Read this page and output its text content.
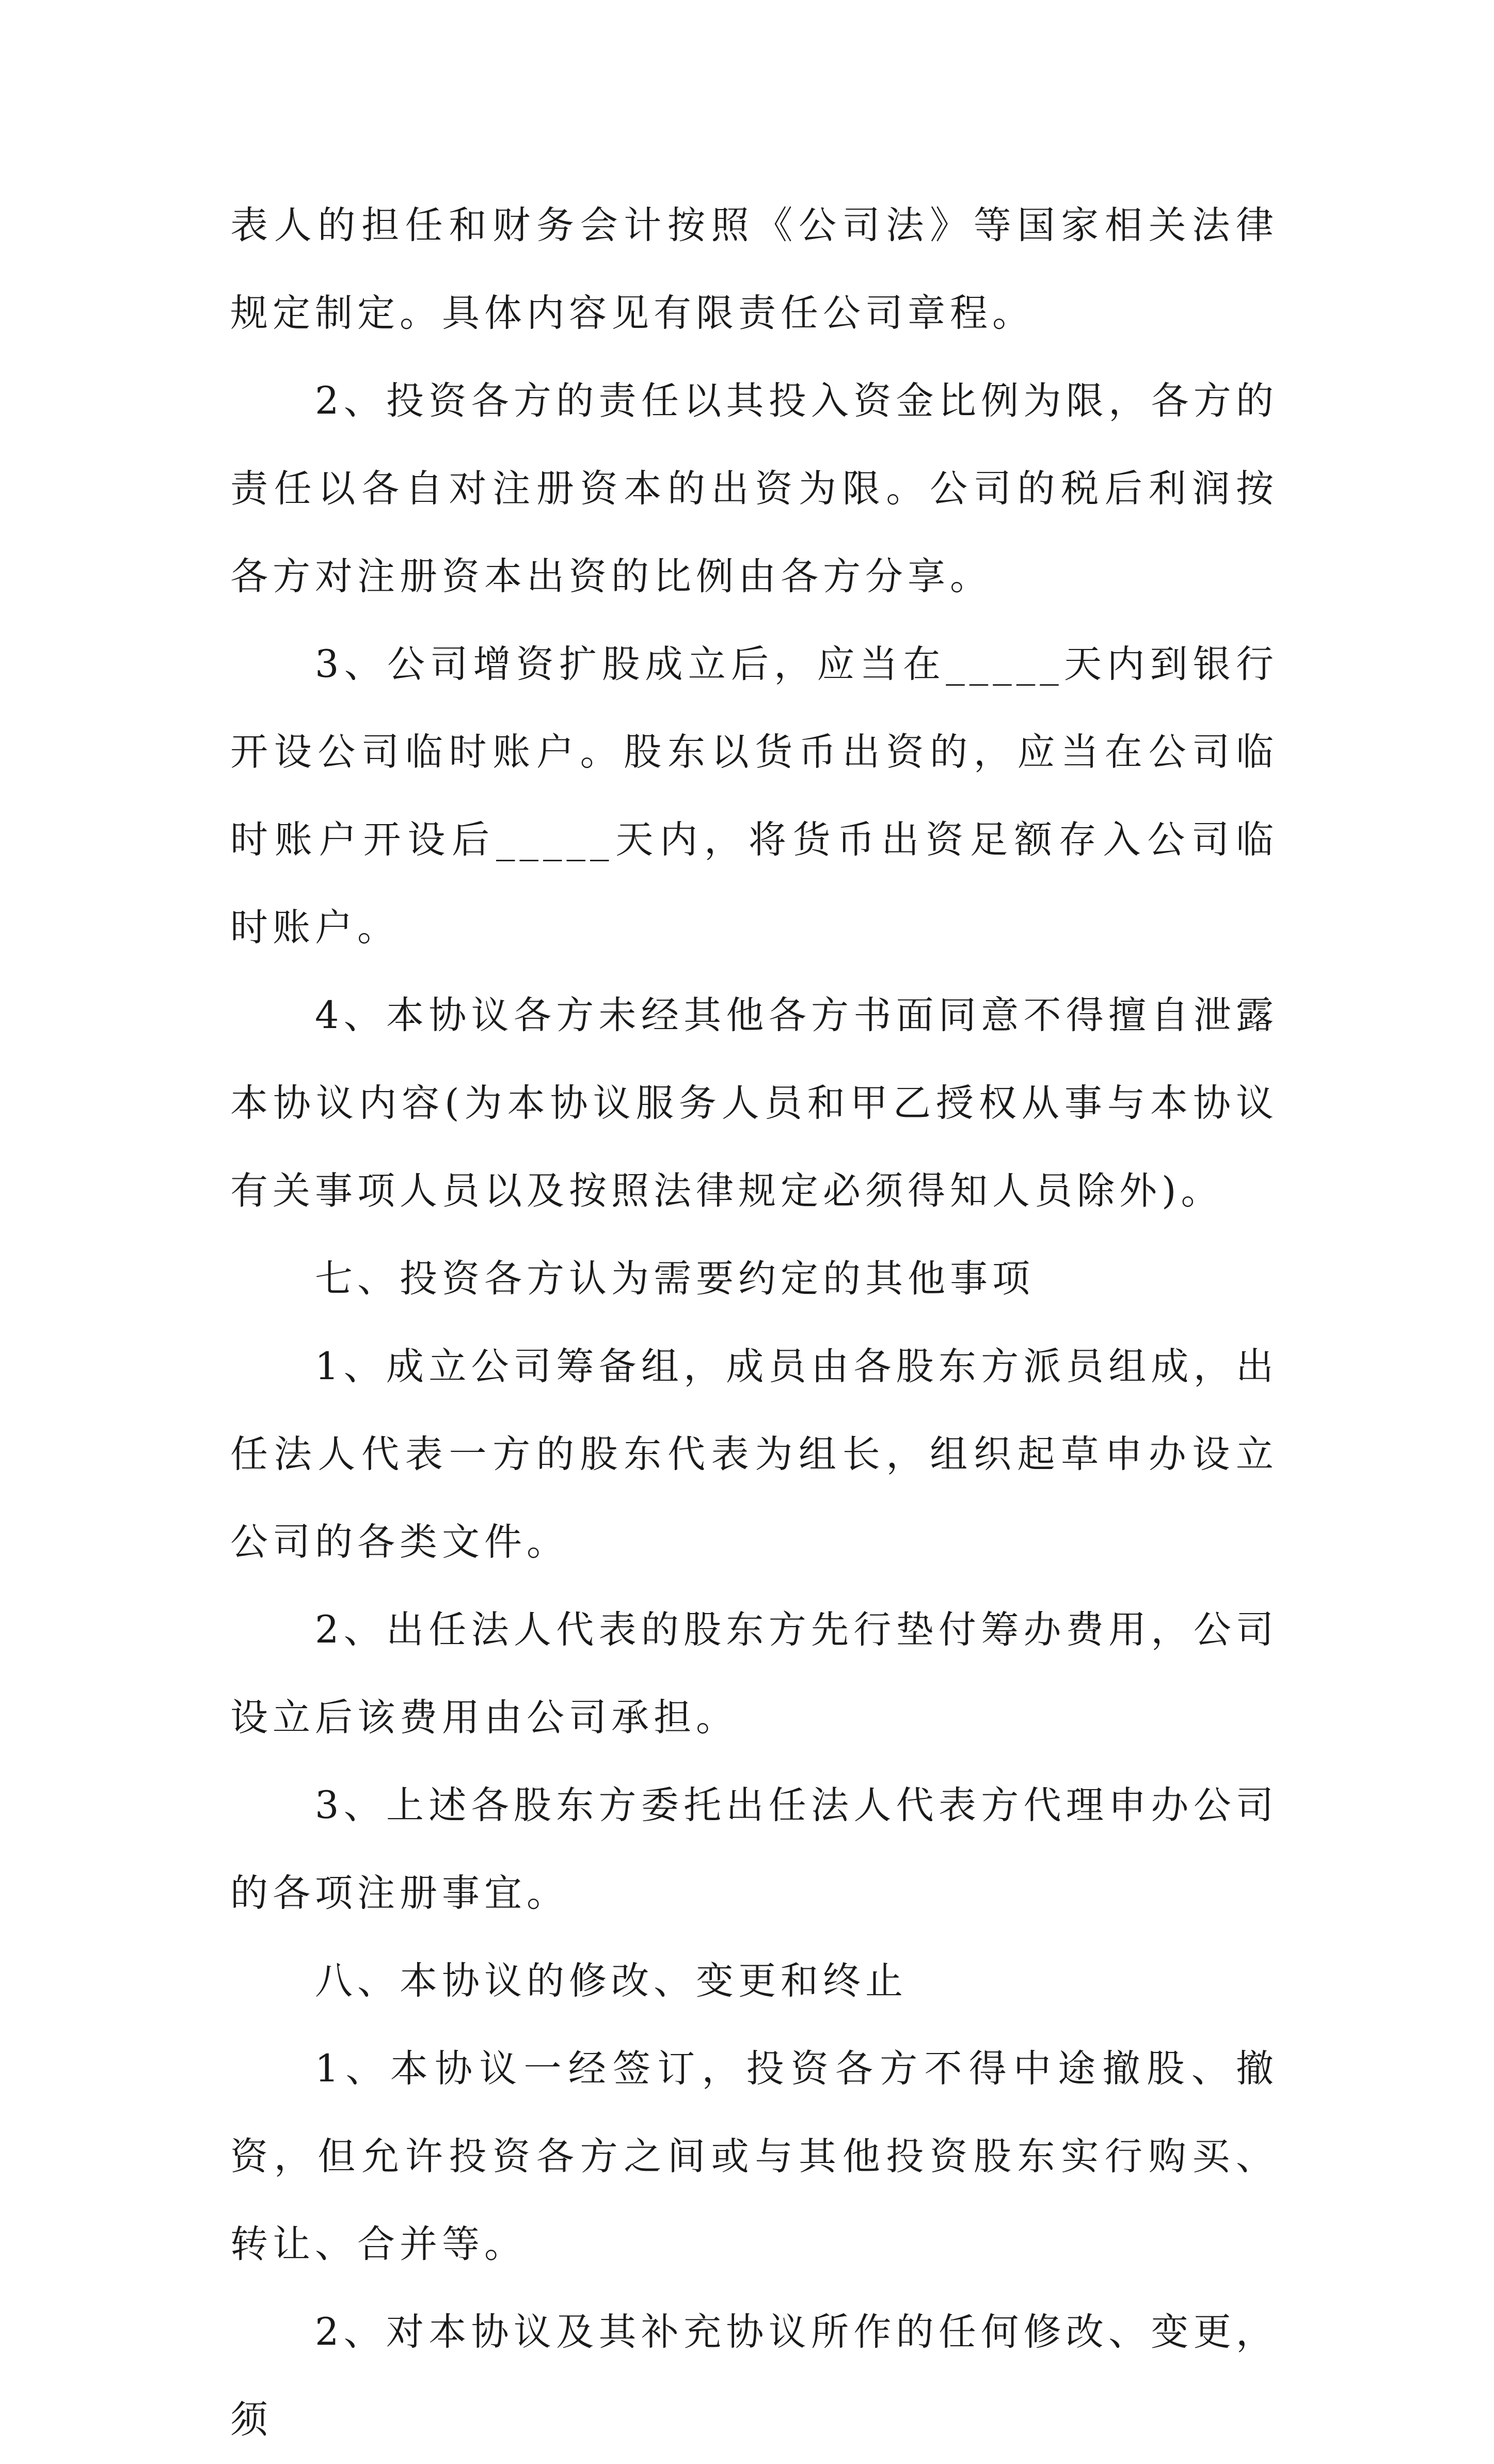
表人的担任和财务会计按照《公司法》等国家相关法律规定制定。具体内容见有限责任公司章程。

2、投资各方的责任以其投入资金比例为限，各方的责任以各自对注册资本的出资为限。公司的税后利润按各方对注册资本出资的比例由各方分享。

3、公司增资扩股成立后，应当在_____天内到银行开设公司临时账户。股东以货币出资的，应当在公司临时账户开设后_____天内，将货币出资足额存入公司临时账户。

4、本协议各方未经其他各方书面同意不得擅自泄露本协议内容(为本协议服务人员和甲乙授权从事与本协议有关事项人员以及按照法律规定必须得知人员除外)。

七、投资各方认为需要约定的其他事项

1、成立公司筹备组，成员由各股东方派员组成，出任法人代表一方的股东代表为组长，组织起草申办设立公司的各类文件。

2、出任法人代表的股东方先行垫付筹办费用，公司设立后该费用由公司承担。

3、上述各股东方委托出任法人代表方代理申办公司的各项注册事宜。

八、本协议的修改、变更和终止

1、本协议一经签订，投资各方不得中途撤股、撤资，但允许投资各方之间或与其他投资股东实行购买、转让、合并等。

2、对本协议及其补充协议所作的任何修改、变更，须
